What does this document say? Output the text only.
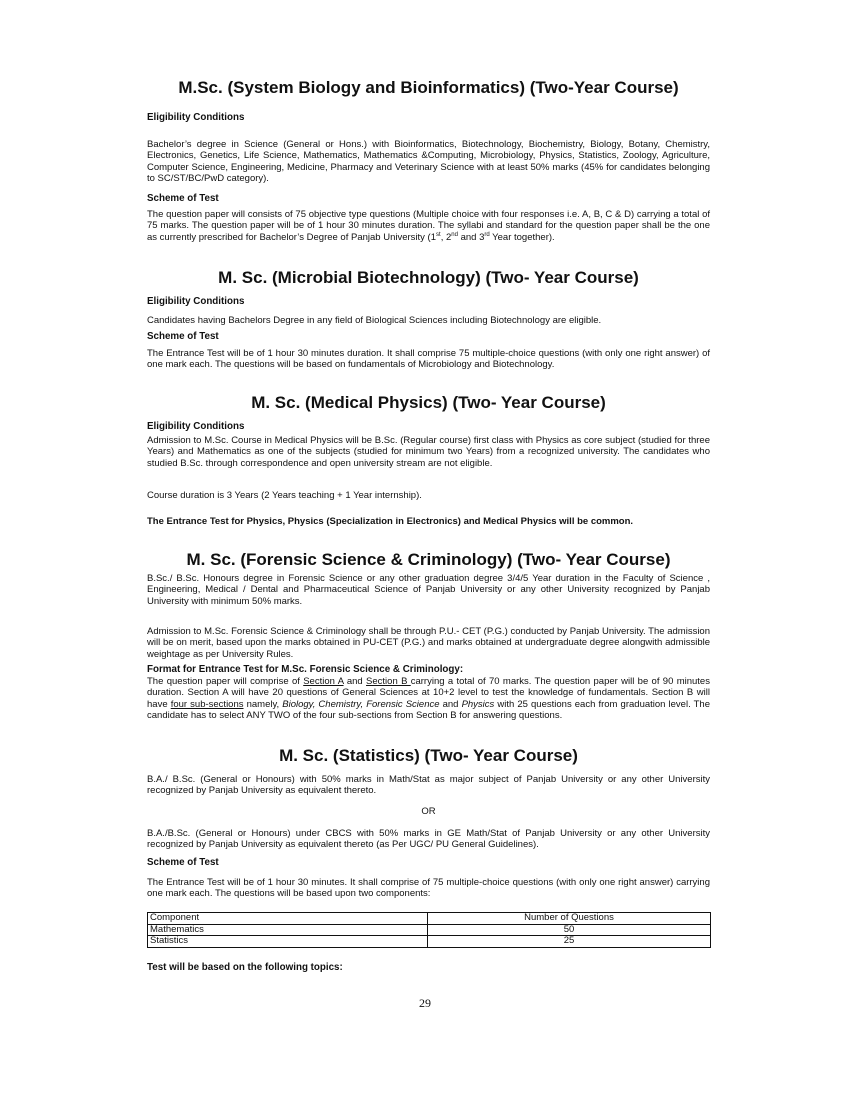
M.Sc. (System Biology and Bioinformatics) (Two-Year Course)
Eligibility Conditions
Bachelor’s degree in Science (General or Hons.) with Bioinformatics, Biotechnology, Biochemistry, Biology, Botany, Chemistry, Electronics, Genetics, Life Science, Mathematics, Mathematics &Computing, Microbiology, Physics, Statistics, Zoology, Agriculture, Computer Science, Engineering, Medicine, Pharmacy and Veterinary Science with at least 50% marks (45% for candidates belonging to SC/ST/BC/PwD category).
Scheme of Test
The question paper will consists of 75 objective type questions (Multiple choice with four responses i.e. A, B, C & D) carrying a total of 75 marks. The question paper will be of 1 hour 30 minutes duration. The syllabi and standard for the question paper shall be the one as currently prescribed for Bachelor’s Degree of Panjab University (1st, 2nd and 3rd Year together).
M. Sc. (Microbial Biotechnology) (Two- Year Course)
Eligibility Conditions
Candidates having Bachelors Degree in any field of Biological Sciences including Biotechnology are eligible.
Scheme of Test
The Entrance Test will be of 1 hour 30 minutes duration. It shall comprise 75 multiple-choice questions (with only one right answer) of one mark each. The questions will be based on fundamentals of Microbiology and Biotechnology.
M. Sc. (Medical Physics) (Two- Year Course)
Eligibility Conditions
Admission to M.Sc. Course in Medical Physics will be B.Sc. (Regular course) first class with Physics as core subject (studied for three Years) and Mathematics as one of the subjects (studied for minimum two Years) from a recognized university. The candidates who studied B.Sc. through correspondence and open university stream are not eligible.
Course duration is 3 Years (2 Years teaching + 1 Year internship).
The Entrance Test for Physics, Physics (Specialization in Electronics) and Medical Physics will be common.
M. Sc. (Forensic Science & Criminology) (Two- Year Course)
B.Sc./ B.Sc. Honours degree in Forensic Science or any other graduation degree 3/4/5 Year duration in the Faculty of Science , Engineering, Medical / Dental and Pharmaceutical Science of Panjab University or any other University recognized by Panjab University with minimum 50% marks.
Admission to M.Sc. Forensic Science & Criminology shall be through P.U.- CET (P.G.) conducted by Panjab University. The admission will be on merit, based upon the marks obtained in PU-CET (P.G.) and marks obtained at undergraduate degree alongwith admissible weightage as per University Rules.
Format for Entrance Test for M.Sc. Forensic Science & Criminology:
The question paper will comprise of Section A and Section B carrying a total of 70 marks. The question paper will be of 90 minutes duration. Section A will have 20 questions of General Sciences at 10+2 level to test the knowledge of fundamentals. Section B will have four sub-sections namely, Biology, Chemistry, Forensic Science and Physics with 25 questions each from graduation level. The candidate has to select ANY TWO of the four sub-sections from Section B for answering questions.
M. Sc. (Statistics) (Two- Year Course)
B.A./ B.Sc. (General or Honours) with 50% marks in Math/Stat as major subject of Panjab University or any other University recognized by Panjab University as equivalent thereto.
OR
B.A./B.Sc. (General or Honours) under CBCS with 50% marks in GE Math/Stat of Panjab University or any other University recognized by Panjab University as equivalent thereto (as Per UGC/ PU General Guidelines).
Scheme of Test
The Entrance Test will be of 1 hour 30 minutes. It shall comprise of 75 multiple-choice questions (with only one right answer) carrying one mark each. The questions will be based upon two components:
Component	Number of Questions
Mathematics	50
Statistics	25
Test will be based on the following topics:
29
